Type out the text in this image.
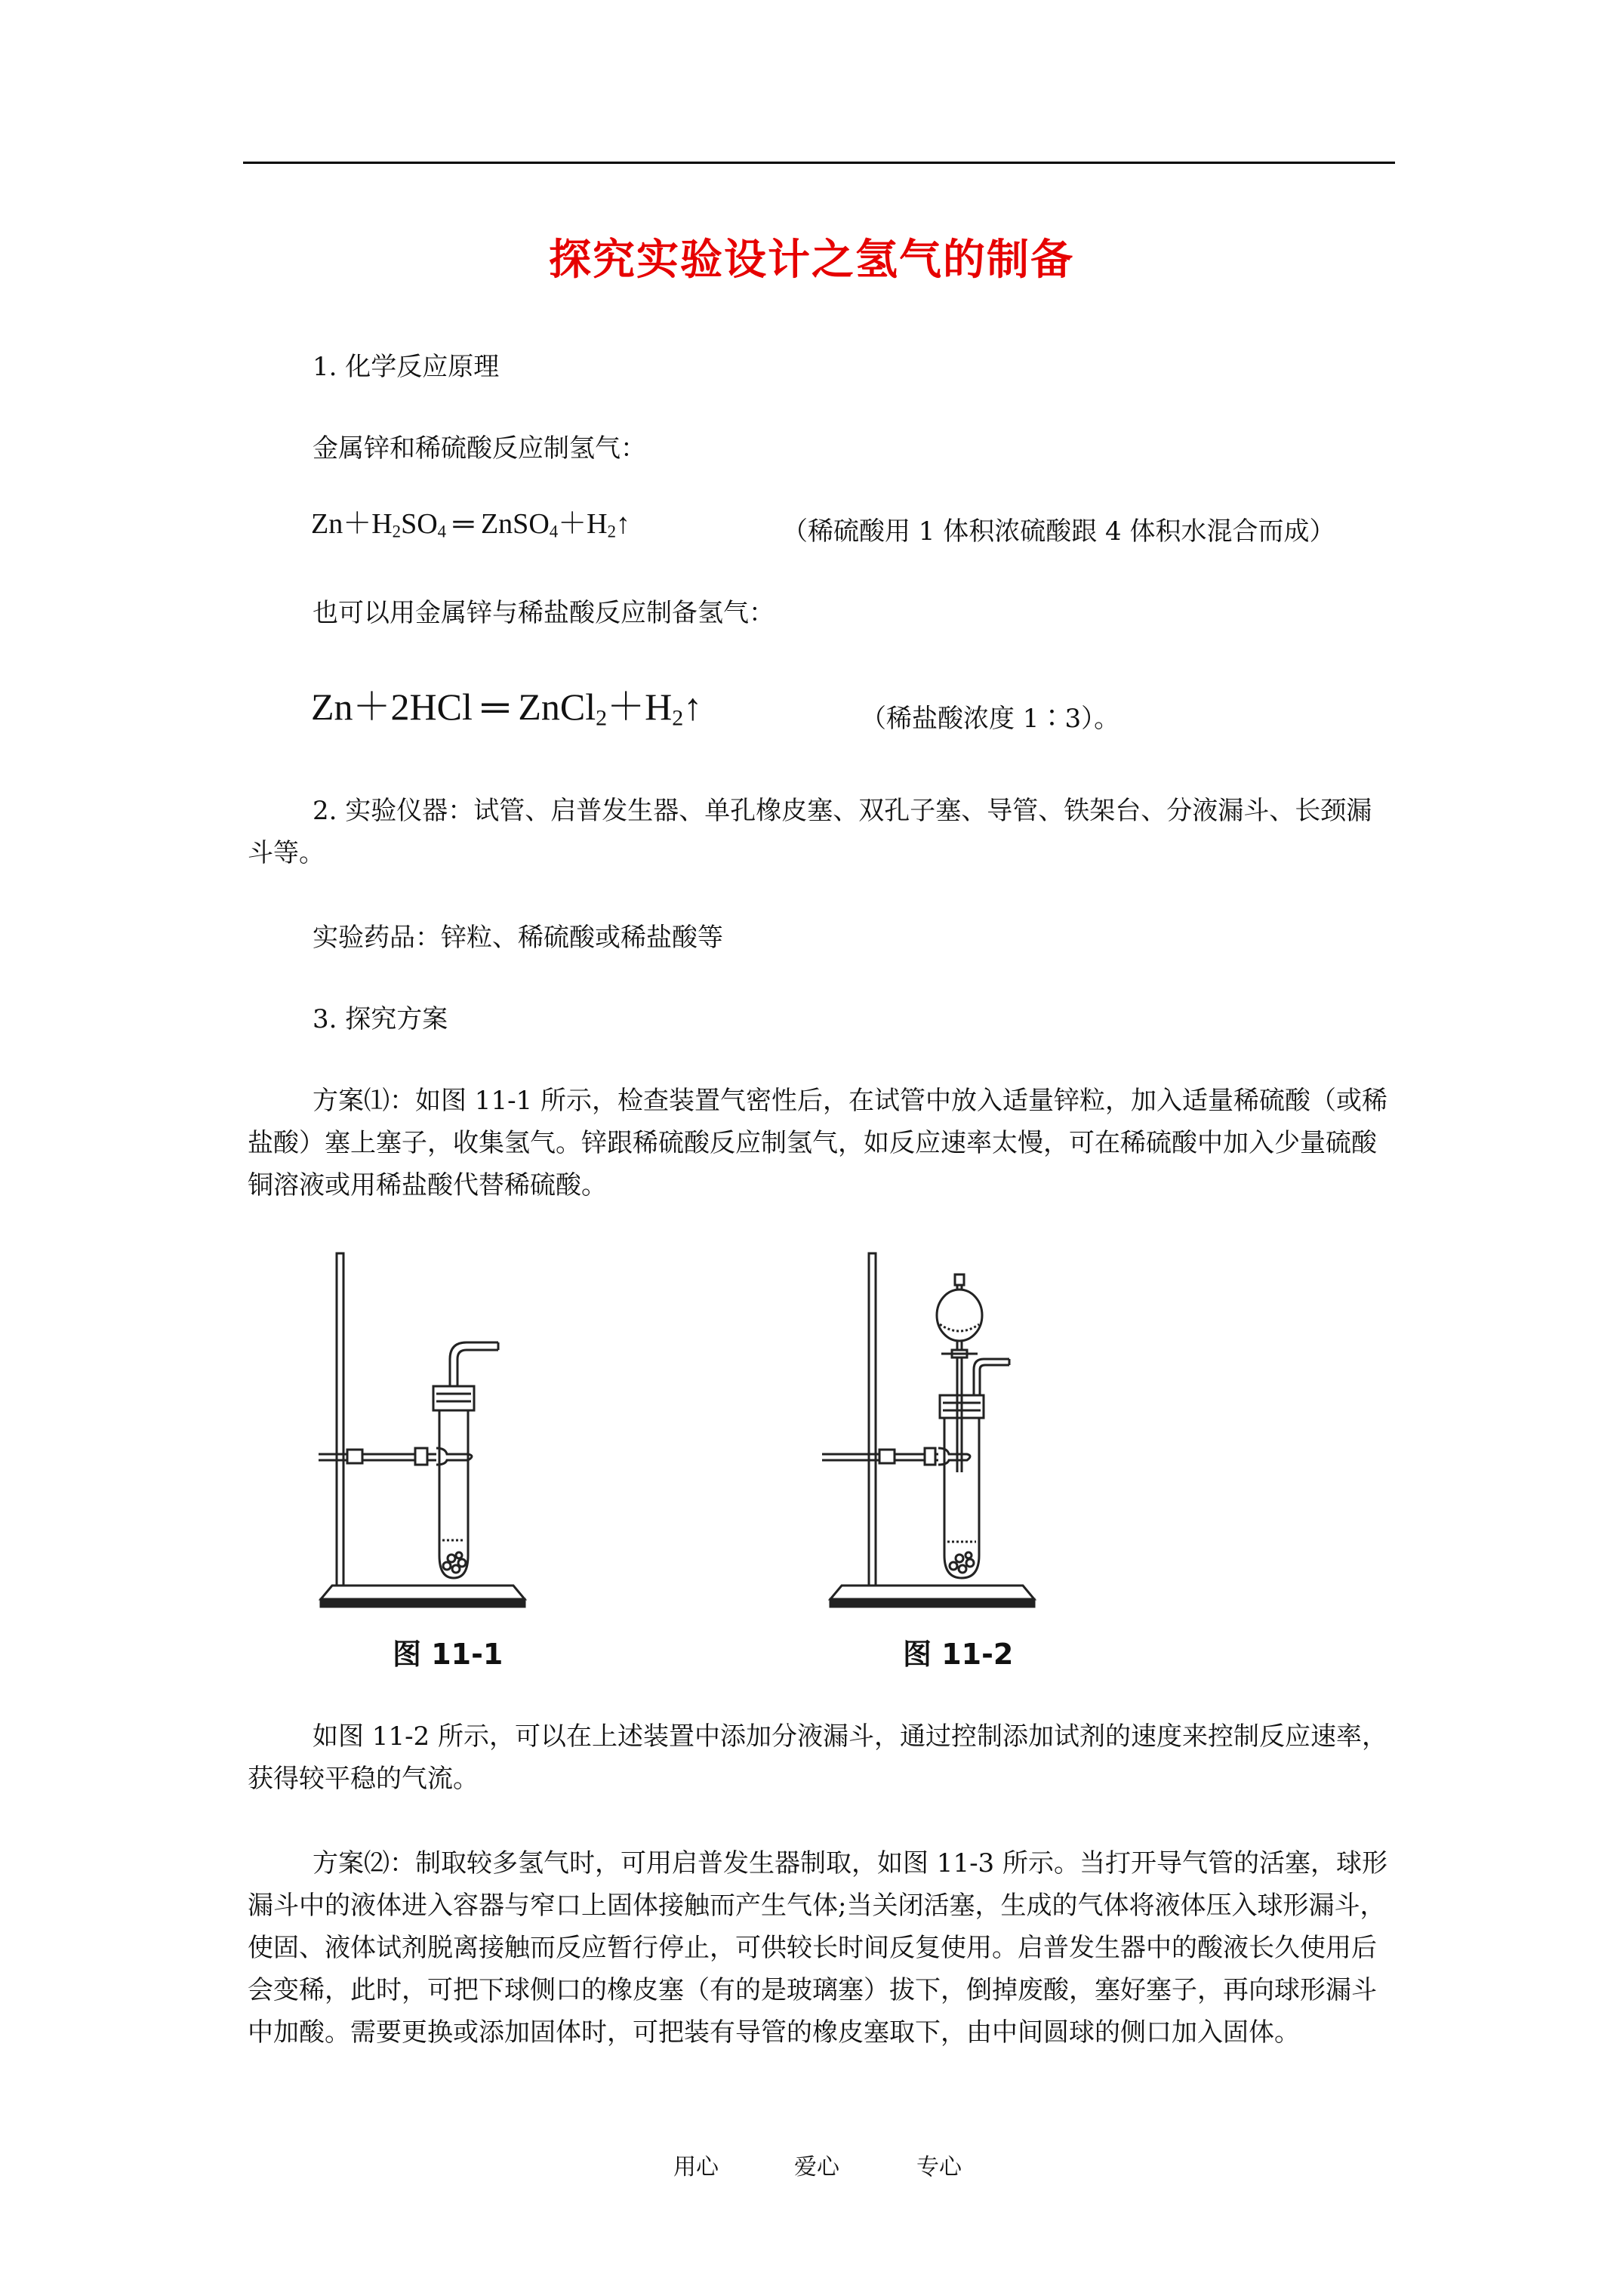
探究实验设计之氢气的制备
1. 化学反应原理
金属锌和稀硫酸反应制氢气：
$Zn+H_2SO_4$ ═ $ZnSO_4+H_2↑$	（稀硫酸用 1 体积浓硫酸跟 4 体积水混合而成）
也可以用金属锌与稀盐酸反应制备氢气：
Zn＋2HCl ═ $ZnCl_2+H_2↑$	（稀盐酸浓度 1∶3）。
2. 实验仪器：试管、启普发生器、单孔橡皮塞、双孔子塞、导管、铁架台、分液漏斗、长颈漏斗等。
实验药品：锌粒、稀硫酸或稀盐酸等
3. 探究方案
方案⑴：如图 11-1 所示，检查装置气密性后，在试管中放入适量锌粒，加入适量稀硫酸（或稀盐酸）塞上塞子，收集氢气。锌跟稀硫酸反应制氢气，如反应速率太慢，可在稀硫酸中加入少量硫酸铜溶液或用稀盐酸代替稀硫酸。
图 11-1	图 11-2
如图 11-2 所示，可以在上述装置中添加分液漏斗，通过控制添加试剂的速度来控制反应速率，获得较平稳的气流。
方案⑵：制取较多氢气时，可用启普发生器制取，如图 11-3 所示。当打开导气管的活塞，球形漏斗中的液体进入容器与窄口上固体接触而产生气体;当关闭活塞，生成的气体将液体压入球形漏斗，使固、液体试剂脱离接触而反应暂行停止，可供较长时间反复使用。启普发生器中的酸液长久使用后会变稀，此时，可把下球侧口的橡皮塞（有的是玻璃塞）拔下，倒掉废酸，塞好塞子，再向球形漏斗中加酸。需要更换或添加固体时，可把装有导管的橡皮塞取下，由中间圆球的侧口加入固体。
用心	爱心	专心
